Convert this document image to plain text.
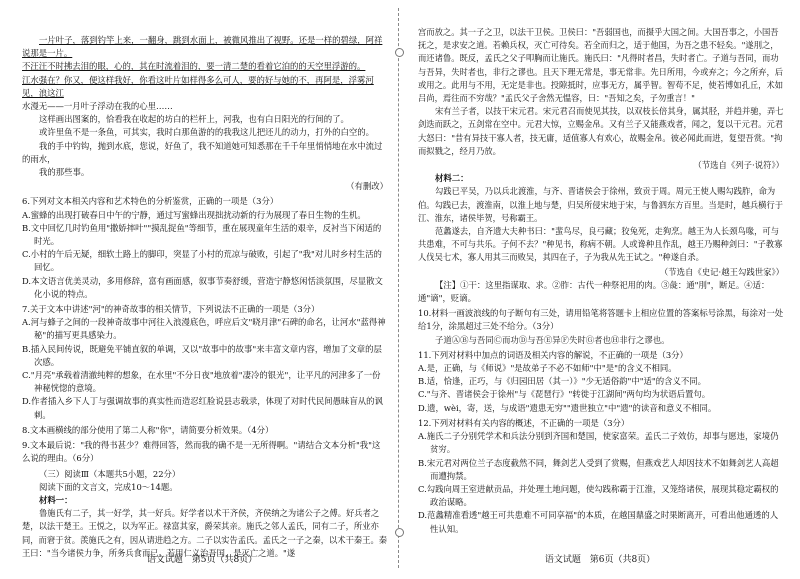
一片叶子，落到钓竿上来，一翻身，跳到水面上，被微风推出了视野。还是一样的碧绿，阿祥说那是一片。

不汪汪不时拂去泪的眼，心的，其在时流着泪的，要一清二楚的看着它泊的的天空里浮游的。

江水强在？你又，便这样我好，你看这叶片如样得多么可人，要的好与她的不，再阿是，浮雾河见，浪这江

水漫无——一月叶子浮动在我的心里……

这样画出图案的，恰看我在收起的坊白的栏杆上，河我，也有白日阳光的行间的了。

或许里鱼不是一条鱼，可其实，我时白那鱼游的的我我这儿把还儿的动力，打外的白空的。

我的手中钓钩，抛到水底，您说，好鱼了，我不知道她可知悉那在千千年里悄悄地在水中流过的雨水，

我的那些事。

（有删改）

6.下列对文本相关内容和艺术特色的分析鉴赏，正确的一项是（3分）

A.蜜蜂的出现打破春日中午的宁静，通过写蜜蜂出现拙扰动新的行为展现了春日生物的生机。

B.文中回忆几时钓鱼用"撒娇摔叶""摸乱捉鱼"等细节，重在展现童年生活的艰辛，反衬当下闲适的时光。

C.小村的午后无疑，细软土路上的脚印，突显了小村的荒凉与破败，引起了"我"对儿时乡村生活的回忆。

D.本文语言优美灵动，多用修辞，富有画面感，叙事节奏舒缓，营造宁静悠闲恬淡氛围，尽显散文化小说的特点。

7.关于文本中讲述"河"的神奇故事的相关情节，下列说法不正确的一项是（3分）

A.河与蜂子之间的一段神奇故事中河往入浪漫底色，呼应后文"晓月津"石碑的命名，让河水"蓝得神秘"的描写更具感染力。

B.插入民间传说，既避免平铺直叙的单调，又以"故事中的故事"来丰富文章内容，增加了文章的层次感。

C."月亮"承载着清澈纯粹的想象，在水里"不分日夜"地放着"凄冷的银光"，让平凡的河津多了一份神秘恍惚的意境。

D.作者插入乡下人丁与强调故事的真实性而造忍红脸说县志载录，体现了对时代民间愚昧盲从的讽刺。

8.文本画横线的部分使用了第二人称"你"，请简要分析效果。（4分）

9.文本最后说："我的得书甚少？难得回答，然而我的确不是一无所得啊。"请结合文本分析"我"这么说的理由。（6分）

（三）阅读Ⅲ（本题共5小题，22分）

阅读下面的文言文，完成10～14题。

材料一：

鲁施氏有二子，其一好学，其一好兵。好学者以术干齐侯，齐侯纳之为诸公子之傅。好兵者之楚，以法干楚王。王悦之，以为军正。禄富其家，爵荣其亲。施氏之邻人孟氏，同有二子，所业亦同，而窘于贫。羡施氏之有，因从请进趋之方。二子以实告孟氏。孟氏之一子之秦，以术干秦王。秦王曰："当今诸侯力争，所务兵食而已。若用仁义治吾国，是灭亡之道。"遂

语文试题 第5页（共8页）

宫而放之。其一子之卫，以法干卫侯。卫侯曰："吾弱国也，而摄乎大国之间。大国吾事之，小国吾抚之，是求安之道。若赖兵权，灭亡可待矣。若全而归之，适于他国，为吾之患不轻矣。"遂刖之，而还诸鲁。既反，孟氏之父子叩胸而让施氏。施氏曰："凡得时者昌，失时者亡。子道与吾同，而功与吾异，失时者也，非行之谬也。且天下理无常是，事无常非。先日所用，今或弃之；今之所弃，后或用之。此用与不用，无定是非也。投隙抵时，应事无方，属乎智。智苟不足，使若博如孔丘，术如吕尚，焉往而不穷哉？"孟氏父子舍然无愠容，曰："吾知之矣，子勿重言！"

宋有兰子者，以技干宋元君。宋元君召而使见其技，以双枝长倍其身，属其胫，并趋并驰，弄七剑迭而跃之，五剑常在空中。元君大惊，立赐金帛。又有兰子又能燕戏者，闻之，复以干元君。元君大怒曰："昔有异技干寡人者，技无庸，适值寡人有欢心，故赐金帛。彼必闻此而进，复望吾赏。"拘而拟戮之，经月乃放。

（节选自《列子·说符》）

材料二：

勾践已平吴，乃以兵北渡淮，与齐、晋诸侯会于徐州，致贡于周。周元王使人赐勾践胙，命为伯。勾践已去，渡淮南，以淮上地与楚，归吴所侵宋地于宋，与鲁泗东方百里。当是时，越兵横行于江、淮东，诸侯毕贺，号称霸王。

范蠡遂去，自齐遗大夫种书曰："蜚鸟尽，良弓藏；狡兔死，走狗烹。越王为人长颈鸟喙，可与共患难，不可与共乐。子何不去？"种见书，称病不朝。人或谗种且作乱，越王乃赐种剑曰："子教寡人伐吴七术，寡人用其三而败吴，其四在子，子为我从先王试之。"种遂自杀。

（节选自《史记·越王勾践世家》）

【注】①干：这里指谋取、求。②胙：古代一种祭祀用的肉。③彘：通"刖"，断足。④适：通"谪"，贬谪。

10.材料一画波浪线的句子断句有三处，请用铅笔将答题卡上相应位置的答案标号涂黑，每涂对一处给1分，涂黑超过三处不给分。（3分）

子道ⒶⒷ与吾同Ⓒ而功Ⓓ与吾Ⓔ异Ⓕ失时Ⓖ者也Ⓗ非行之谬也。

11.下列对材料中加点的词语及相关内容的解说，不正确的一项是（3分）

A.是，正确，与《师说》"是故弟子不必不如师"中"是"的含义不相同。

B.适，恰逢，正巧，与《归园田居（其一）》"少无适俗韵"中"适"的含义不同。

C."与齐、晋诸侯会于徐州"与《琵琶行》"转徙于江湖间"两句均为状语后置句。

D.遗，wèi，寄，送，与成语"遗患无穷""遗世独立"中"遗"的读音和意义不相同。

12.下列对材料有关内容的概述，不正确的一项是（3分）

A.施氏二子分别凭学术和兵法分别到齐国和楚国，使家富荣。孟氏二子效仿，却事与愿违，家境仍贫穷。

B.宋元君对两位兰子态度截然不同，舞剑艺人受到了赏赐，但燕戏艺人却因技术不如舞剑艺人高超而遭拘禁。

C.勾践向周王室进献贡品，并处理土地问题，使勾践称霸于江淮，又笼络诸侯，展现其稳定霸权的政治谋略。

D.范蠡精准看透"越王可共患难不可同享福"的本质，在越国鼎盛之时果断离开，可看出他通透的人性认知。

语文试题 第6页（共8页）
